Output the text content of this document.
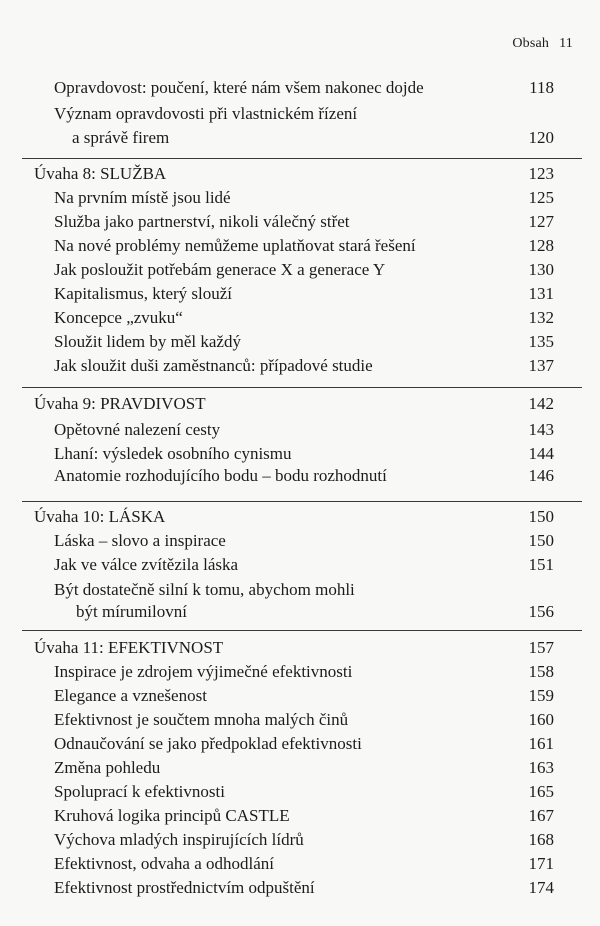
Obsah 11
Opravdovost: poučení, které nám všem nakonec dojde	118
Význam opravdovosti při vlastnickém řízení
a správě firem	120
Úvaha 8: SLUŽBA	123
Na prvním místě jsou lidé	125
Služba jako partnerství, nikoli válečný střet	127
Na nové problémy nemůžeme uplatňovat stará řešení	128
Jak posloužit potřebám generace X a generace Y	130
Kapitalismus, který slouží	131
Koncepce „zvuku“	132
Sloužit lidem by měl každý	135
Jak sloužit duši zaměstnanců: případové studie	137
Úvaha 9: PRAVDIVOST	142
Opětovné nalezení cesty	143
Lhaní: výsledek osobního cynismu	144
Anatomie rozhodujícího bodu – bodu rozhodnutí	146
Úvaha 10: LÁSKA	150
Láska – slovo a inspirace	150
Jak ve válce zvítězila láska	151
Být dostatečně silní k tomu, abychom mohli
být mírumilovní	156
Úvaha 11: EFEKTIVNOST	157
Inspirace je zdrojem výjimečné efektivnosti	158
Elegance a vznešenost	159
Efektivnost je součtem mnoha malých činů	160
Odnaučování se jako předpoklad efektivnosti	161
Změna pohledu	163
Spoluprací k efektivnosti	165
Kruhová logika principů CASTLE	167
Výchova mladých inspirujících lídrů	168
Efektivnost, odvaha a odhodlání	171
Efektivnost prostřednictvím odpuštění	174
